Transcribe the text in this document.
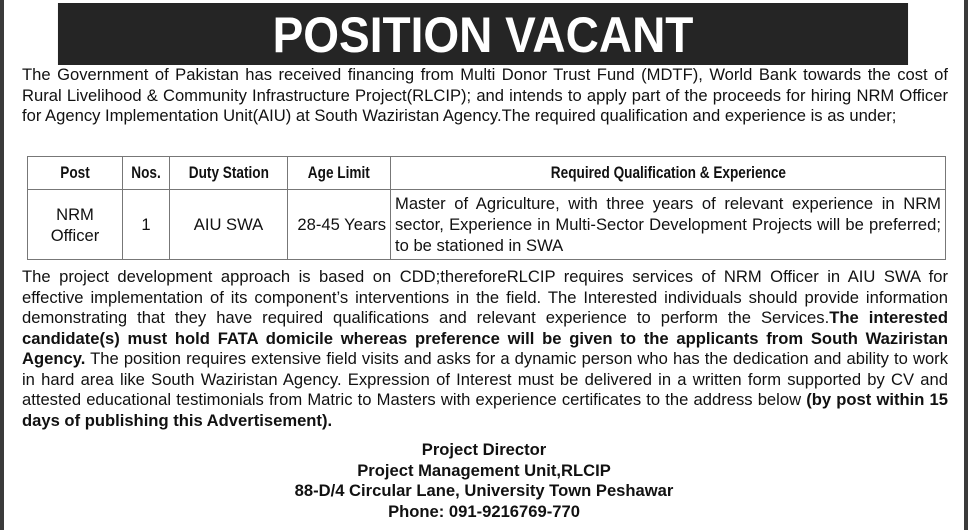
POSITION VACANT
The Government of Pakistan has received financing from Multi Donor Trust Fund (MDTF), World Bank towards the cost of Rural Livelihood & Community Infrastructure Project(RLCIP); and intends to apply part of the proceeds for hiring NRM Officer for Agency Implementation Unit(AIU) at South Waziristan Agency.The required qualification and experience is as under;
Post	Nos.	Duty Station	Age Limit	Required Qualification & Experience
NRM Officer	1	AIU SWA	28-45 Years	Master of Agriculture, with three years of relevant experience in NRM sector, Experience in Multi-Sector Development Projects will be preferred; to be stationed in SWA
The project development approach is based on CDD;thereforeRLCIP requires services of NRM Officer in AIU SWA for effective implementation of its component’s interventions in the field. The Interested individuals should provide information demonstrating that they have required qualifications and relevant experience to perform the Services.The interested candidate(s) must hold FATA domicile whereas preference will be given to the applicants from South Waziristan Agency. The position requires extensive field visits and asks for a dynamic person who has the dedication and ability to work in hard area like South Waziristan Agency. Expression of Interest must be delivered in a written form supported by CV and attested educational testimonials from Matric to Masters with experience certificates to the address below (by post within 15 days of publishing this Advertisement).
Project Director
Project Management Unit,RLCIP
88-D/4 Circular Lane, University Town Peshawar
Phone: 091-9216769-770
